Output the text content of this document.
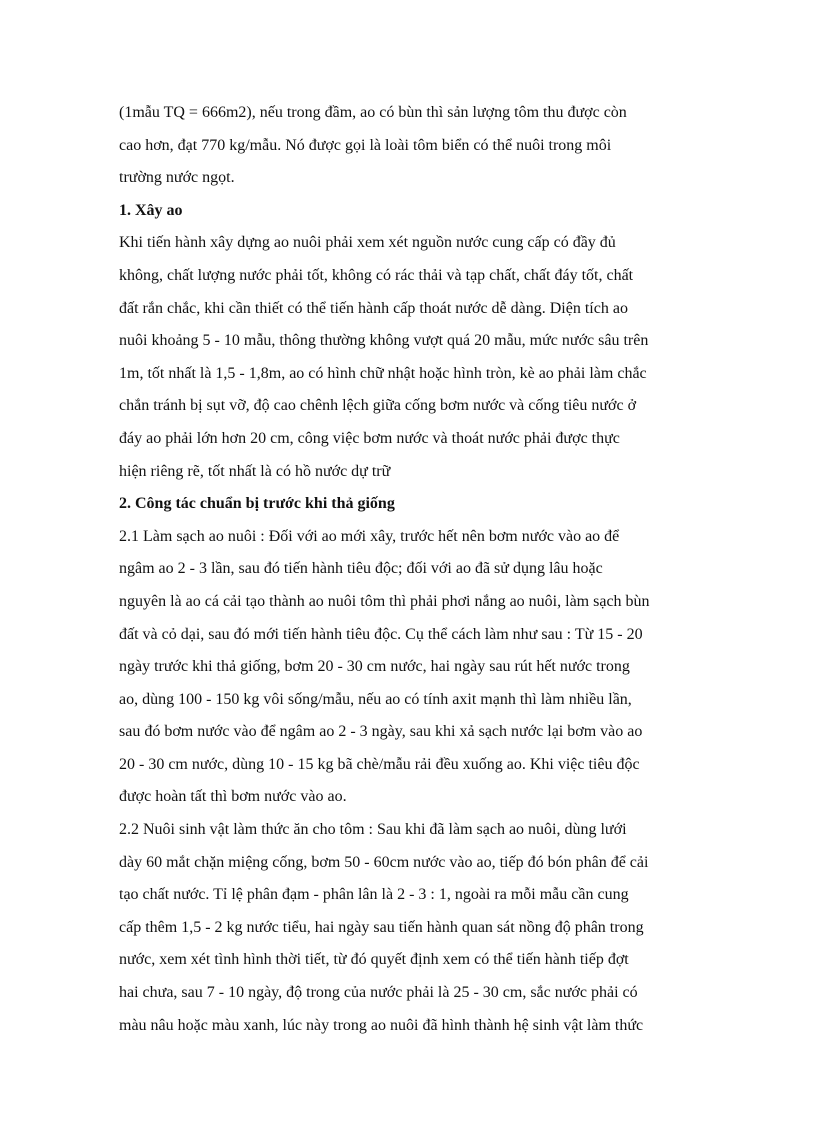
(1mẫu TQ = 666m2), nếu trong đầm, ao có bùn thì sản lượng tôm thu được còn
cao hơn, đạt 770 kg/mẫu. Nó được gọi là loài tôm biển có thể nuôi trong môi
trường nước ngọt.
1. Xây ao
Khi tiến hành xây dựng ao nuôi phải xem xét nguồn nước cung cấp có đầy đủ
không, chất lượng nước phải tốt, không có rác thải và tạp chất, chất đáy tốt, chất
đất rắn chắc, khi cần thiết có thể tiến hành cấp thoát nước dễ dàng. Diện tích ao
nuôi khoảng 5 - 10 mẫu, thông thường không vượt quá 20 mẫu, mức nước sâu trên
1m, tốt nhất là 1,5 - 1,8m, ao có hình chữ nhật hoặc hình tròn, kè ao phải làm chắc
chắn tránh bị sụt vỡ, độ cao chênh lệch giữa cống bơm nước và cống tiêu nước ở
đáy ao phải lớn hơn 20 cm, công việc bơm nước và thoát nước phải được thực
hiện riêng rẽ, tốt nhất là có hồ nước dự trữ
2. Công tác chuẩn bị trước khi thả giống
2.1 Làm sạch ao nuôi : Đối với ao mới xây, trước hết nên bơm nước vào ao để
ngâm ao 2 - 3 lần, sau đó tiến hành tiêu độc; đối với ao đã sử dụng lâu hoặc
nguyên là ao cá cải tạo thành ao nuôi tôm thì phải phơi nắng ao nuôi, làm sạch bùn
đất và cỏ dại, sau đó mới tiến hành tiêu độc. Cụ thể cách làm như sau : Từ 15 - 20
ngày trước khi thả giống, bơm 20 - 30 cm nước, hai ngày sau rút hết nước trong
ao, dùng 100 - 150 kg vôi sống/mẫu, nếu ao có tính axit mạnh thì làm nhiều lần,
sau đó bơm nước vào để ngâm ao 2 - 3 ngày, sau khi xả sạch nước lại bơm vào ao
20 - 30 cm nước, dùng 10 - 15 kg bã chè/mẫu rải đều xuống ao. Khi việc tiêu độc
được hoàn tất thì bơm nước vào ao.
2.2 Nuôi sinh vật làm thức ăn cho tôm : Sau khi đã làm sạch ao nuôi, dùng lưới
dày 60 mắt chặn miệng cống, bơm 50 - 60cm nước vào ao, tiếp đó bón phân để cải
tạo chất nước. Tỉ lệ phân đạm - phân lân là 2 - 3 : 1, ngoài ra mỗi mẫu cần cung
cấp thêm 1,5 - 2 kg nước tiểu, hai ngày sau tiến hành quan sát nồng độ phân trong
nước, xem xét tình hình thời tiết, từ đó quyết định xem có thể tiến hành tiếp đợt
hai chưa, sau 7 - 10 ngày, độ trong của nước phải là 25 - 30 cm, sắc nước phải có
màu nâu hoặc màu xanh, lúc này trong ao nuôi đã hình thành hệ sinh vật làm thức
